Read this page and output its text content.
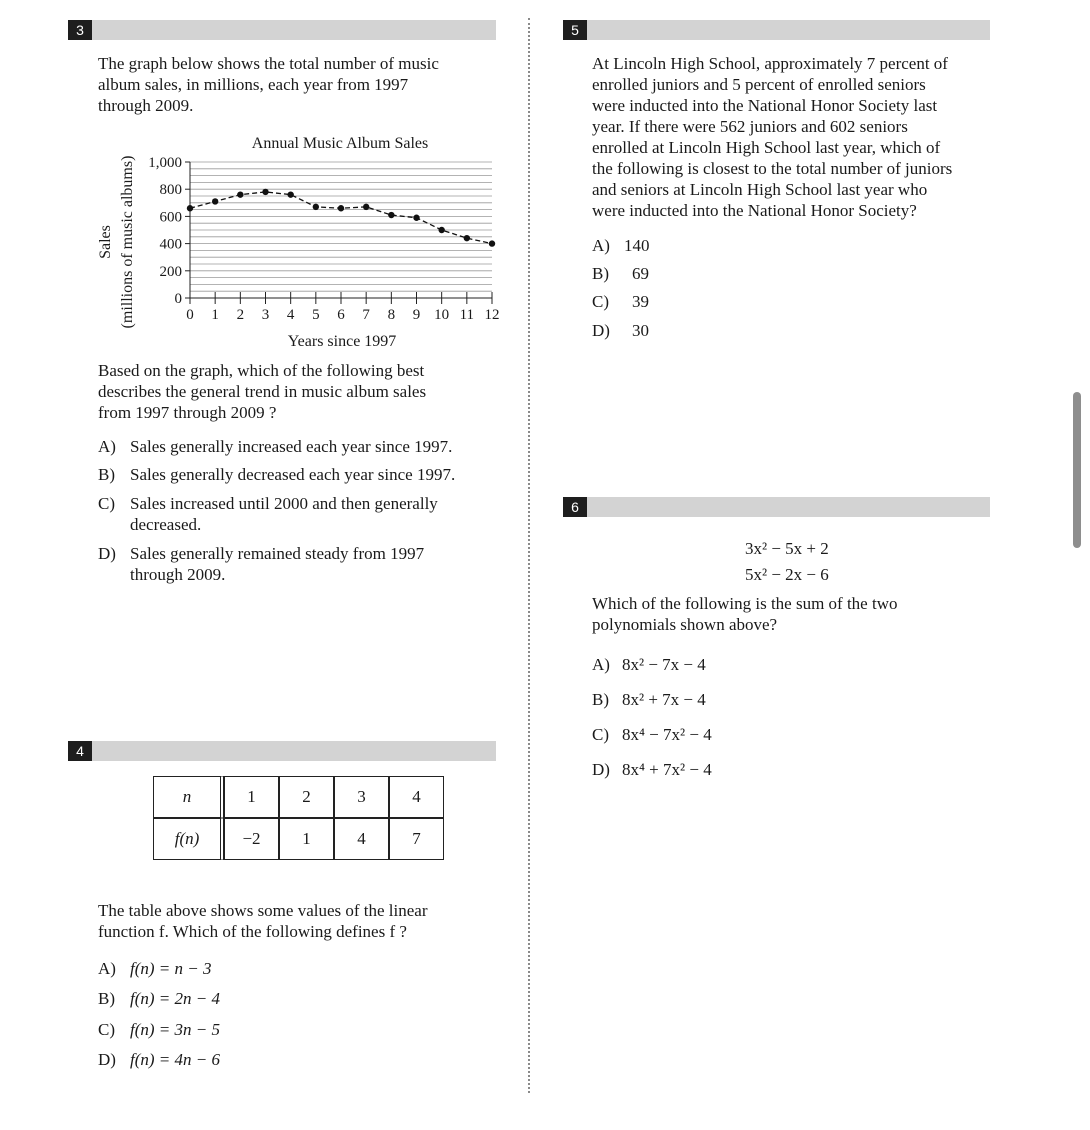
3
The graph below shows the total number of music
album sales, in millions, each year from 1997
through 2009.
0
200
400
600
800
1,000
0 1 2 3 4 5 6 7 8 9 10 11 12
Annual Music Album Sales
Years since 1997
Sales (millions of music albums)
Based on the graph, which of the following best
describes the general trend in music album sales
from 1997 through 2009 ?
A) Sales generally increased each year since 1997.
B) Sales generally decreased each year since 1997.
C) Sales increased until 2000 and then generally
decreased.
D) Sales generally remained steady from 1997
through 2009.
4
n	1	2	3	4
f(n)	−2	1	4	7
The table above shows some values of the linear
function f. Which of the following defines f ?
A) f(n) = n − 3
B) f(n) = 2n − 4
C) f(n) = 3n − 5
D) f(n) = 4n − 6
5
At Lincoln High School, approximately 7 percent of
enrolled juniors and 5 percent of enrolled seniors
were inducted into the National Honor Society last
year. If there were 562 juniors and 602 seniors
enrolled at Lincoln High School last year, which of
the following is closest to the total number of juniors
and seniors at Lincoln High School last year who
were inducted into the National Honor Society?
A) 140
B) 69
C) 39
D) 30
6
3x² − 5x + 2
5x² − 2x − 6
Which of the following is the sum of the two
polynomials shown above?
A) 8x² − 7x − 4
B) 8x² + 7x − 4
C) 8x⁴ − 7x² − 4
D) 8x⁴ + 7x² − 4
